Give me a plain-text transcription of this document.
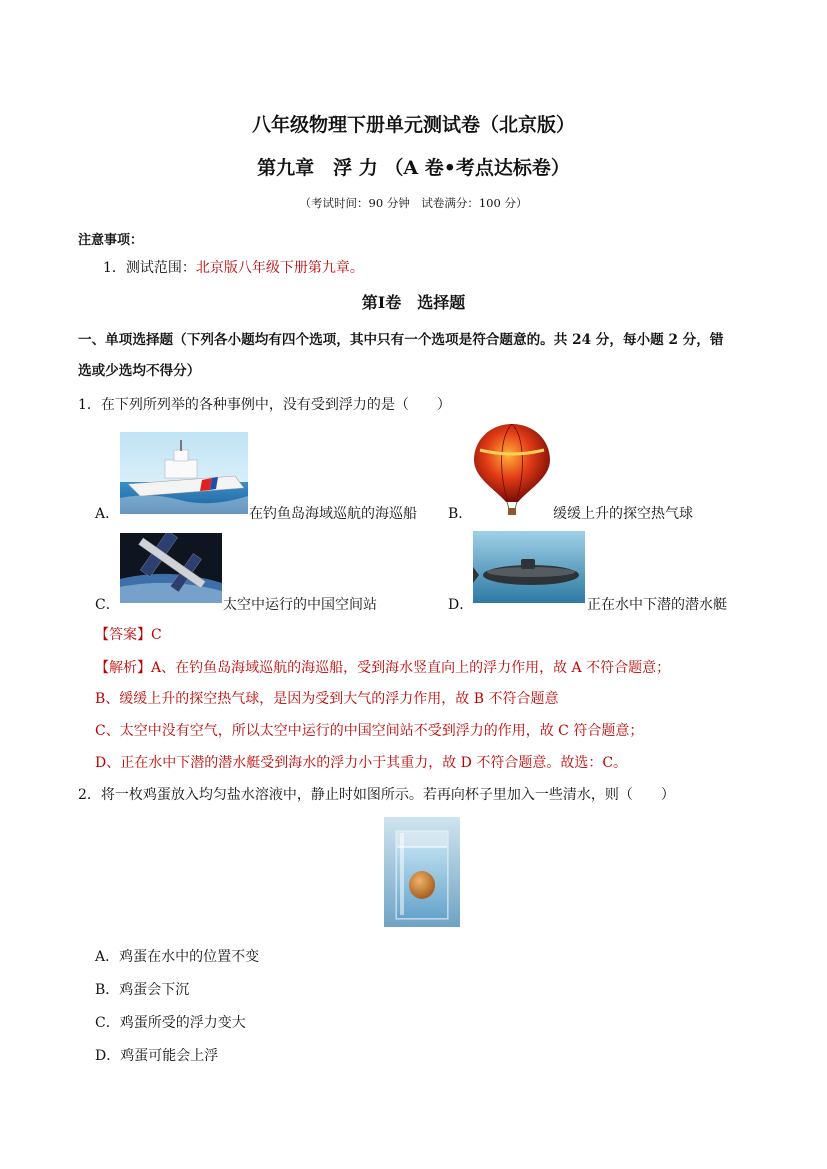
八年级物理下册单元测试卷（北京版）
第九章　浮 力 （A 卷•考点达标卷）
（考试时间：90 分钟　试卷满分：100 分）
注意事项：
1．测试范围：北京版八年级下册第九章。
第Ⅰ卷　选择题
一、单项选择题（下列各小题均有四个选项，其中只有一个选项是符合题意的。共 24 分，每小题 2 分，错
选或少选均不得分）
1．在下列所列举的各种事例中，没有受到浮力的是（　　）
A．	在钓鱼岛海域巡航的海巡船 B．	缓缓上升的探空热气球
C．	太空中运行的中国空间站	D．	正在水中下潜的潜水艇
【答案】C
【解析】A、在钓鱼岛海域巡航的海巡船，受到海水竖直向上的浮力作用，故 A 不符合题意；
B、缓缓上升的探空热气球，是因为受到大气的浮力作用，故 B 不符合题意
C、太空中没有空气，所以太空中运行的中国空间站不受到浮力的作用，故 C 符合题意；
D、正在水中下潜的潜水艇受到海水的浮力小于其重力，故 D 不符合题意。故选：C。
2．将一枚鸡蛋放入均匀盐水溶液中，静止时如图所示。若再向杯子里加入一些清水，则（　　）
A．鸡蛋在水中的位置不变
B．鸡蛋会下沉
C．鸡蛋所受的浮力变大
D．鸡蛋可能会上浮
